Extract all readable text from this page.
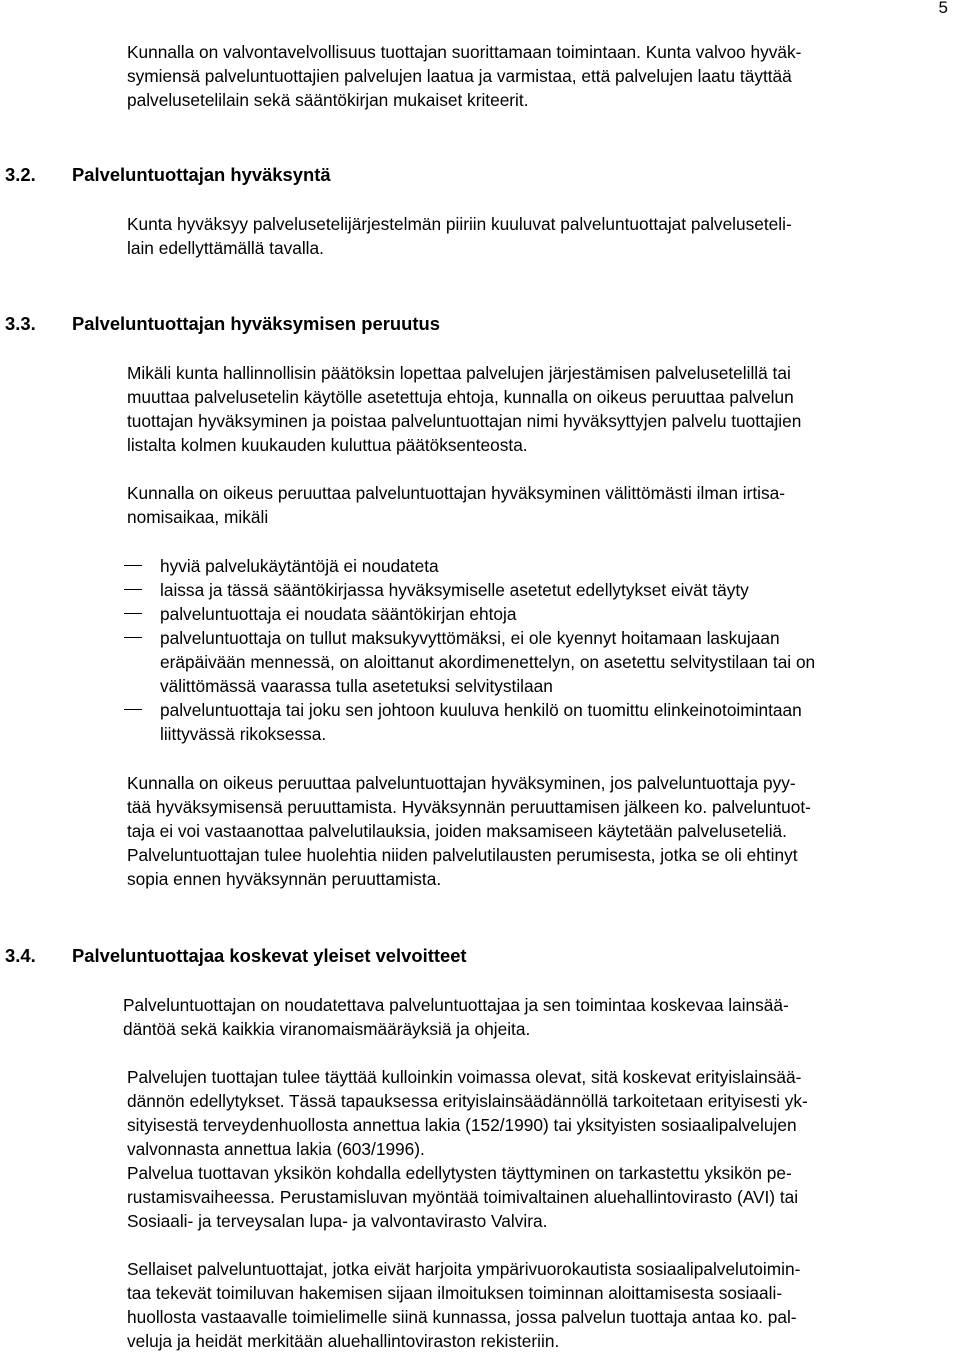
5
Kunnalla on valvontavelvollisuus tuottajan suorittamaan toimintaan. Kunta valvoo hyväk-
symiensä palveluntuottajien palvelujen laatua ja varmistaa, että palvelujen laatu täyttää
palvelusetelilain sekä sääntökirjan mukaiset kriteerit.
3.2. Palveluntuottajan hyväksyntä
Kunta hyväksyy palvelusetelijärjestelmän piiriin kuuluvat palveluntuottajat palveluseteli-
lain edellyttämällä tavalla.
3.3. Palveluntuottajan hyväksymisen peruutus
Mikäli kunta hallinnollisin päätöksin lopettaa palvelujen järjestämisen palvelusetelillä tai
muuttaa palvelusetelin käytölle asetettuja ehtoja, kunnalla on oikeus peruuttaa palvelun
tuottajan hyväksyminen ja poistaa palveluntuottajan nimi hyväksyttyjen palvelu tuottajien
listalta kolmen kuukauden kuluttua päätöksenteosta.
Kunnalla on oikeus peruuttaa palveluntuottajan hyväksyminen välittömästi ilman irtisa-
nomisaikaa, mikäli
hyviä palvelukäytäntöjä ei noudateta
laissa ja tässä sääntökirjassa hyväksymiselle asetetut edellytykset eivät täyty
palveluntuottaja ei noudata sääntökirjan ehtoja
palveluntuottaja on tullut maksukyvyttömäksi, ei ole kyennyt hoitamaan laskujaan
eräpäivään mennessä, on aloittanut akordimenettelyn, on asetettu selvitystilaan tai on
välittömässä vaarassa tulla asetetuksi selvitystilaan
palveluntuottaja tai joku sen johtoon kuuluva henkilö on tuomittu elinkeinotoimintaan
liittyvässä rikoksessa.
Kunnalla on oikeus peruuttaa palveluntuottajan hyväksyminen, jos palveluntuottaja pyy-
tää hyväksymisensä peruuttamista. Hyväksynnän peruuttamisen jälkeen ko. palveluntuot-
taja ei voi vastaanottaa palvelutilauksia, joiden maksamiseen käytetään palveluseteliä.
Palveluntuottajan tulee huolehtia niiden palvelutilausten perumisesta, jotka se oli ehtinyt
sopia ennen hyväksynnän peruuttamista.
3.4. Palveluntuottajaa koskevat yleiset velvoitteet
Palveluntuottajan on noudatettava palveluntuottajaa ja sen toimintaa koskevaa lainsää-
däntöä sekä kaikkia viranomaismääräyksiä ja ohjeita.
Palvelujen tuottajan tulee täyttää kulloinkin voimassa olevat, sitä koskevat erityislainsää-
dännön edellytykset. Tässä tapauksessa erityislainsäädännöllä tarkoitetaan erityisesti yk-
sityisestä terveydenhuollosta annettua lakia (152/1990) tai yksityisten sosiaalipalvelujen
valvonnasta annettua lakia (603/1996).
Palvelua tuottavan yksikön kohdalla edellytysten täyttyminen on tarkastettu yksikön pe-
rustamisvaiheessa. Perustamisluvan myöntää toimivaltainen aluehallintovirasto (AVI) tai
Sosiaali- ja terveysalan lupa- ja valvontavirasto Valvira.
Sellaiset palveluntuottajat, jotka eivät harjoita ympärivuorokautista sosiaalipalvelutoimin-
taa tekevät toimiluvan hakemisen sijaan ilmoituksen toiminnan aloittamisesta sosiaali-
huollosta vastaavalle toimielimelle siinä kunnassa, jossa palvelun tuottaja antaa ko. pal-
veluja ja heidät merkitään aluehallintoviraston rekisteriin.
